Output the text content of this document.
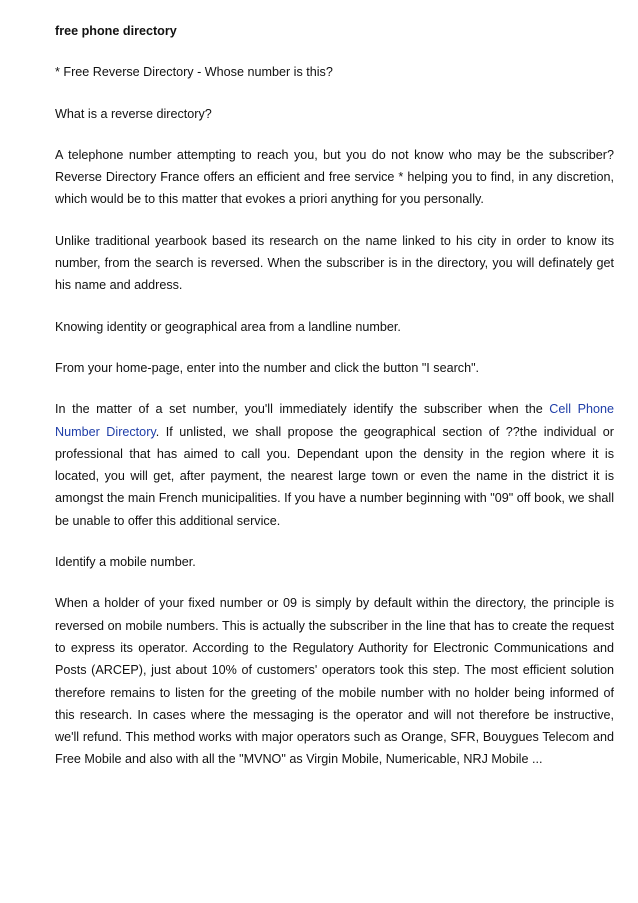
free phone directory

* Free Reverse Directory - Whose number is this?

What is a reverse directory?

A telephone number attempting to reach you, but you do not know who may be the subscriber? Reverse Directory France offers an efficient and free service * helping you to find, in any discretion, which would be to this matter that evokes a priori anything for you personally.

Unlike traditional yearbook based its research on the name linked to his city in order to know its number, from the search is reversed. When the subscriber is in the directory, you will definately get his name and address.

Knowing identity or geographical area from a landline number.

From your home-page, enter into the number and click the button "I search".

In the matter of a set number, you'll immediately identify the subscriber when the Cell Phone Number Directory. If unlisted, we shall propose the geographical section of ??the individual or professional that has aimed to call you. Dependant upon the density in the region where it is located, you will get, after payment, the nearest large town or even the name in the district it is amongst the main French municipalities. If you have a number beginning with "09" off book, we shall be unable to offer this additional service.

Identify a mobile number.

When a holder of your fixed number or 09 is simply by default within the directory, the principle is reversed on mobile numbers. This is actually the subscriber in the line that has to create the request to express its operator. According to the Regulatory Authority for Electronic Communications and Posts (ARCEP), just about 10% of customers' operators took this step. The most efficient solution therefore remains to listen for the greeting of the mobile number with no holder being informed of this research. In cases where the messaging is the operator and will not therefore be instructive, we'll refund. This method works with major operators such as Orange, SFR, Bouygues Telecom and Free Mobile and also with all the "MVNO" as Virgin Mobile, Numericable, NRJ Mobile ...
